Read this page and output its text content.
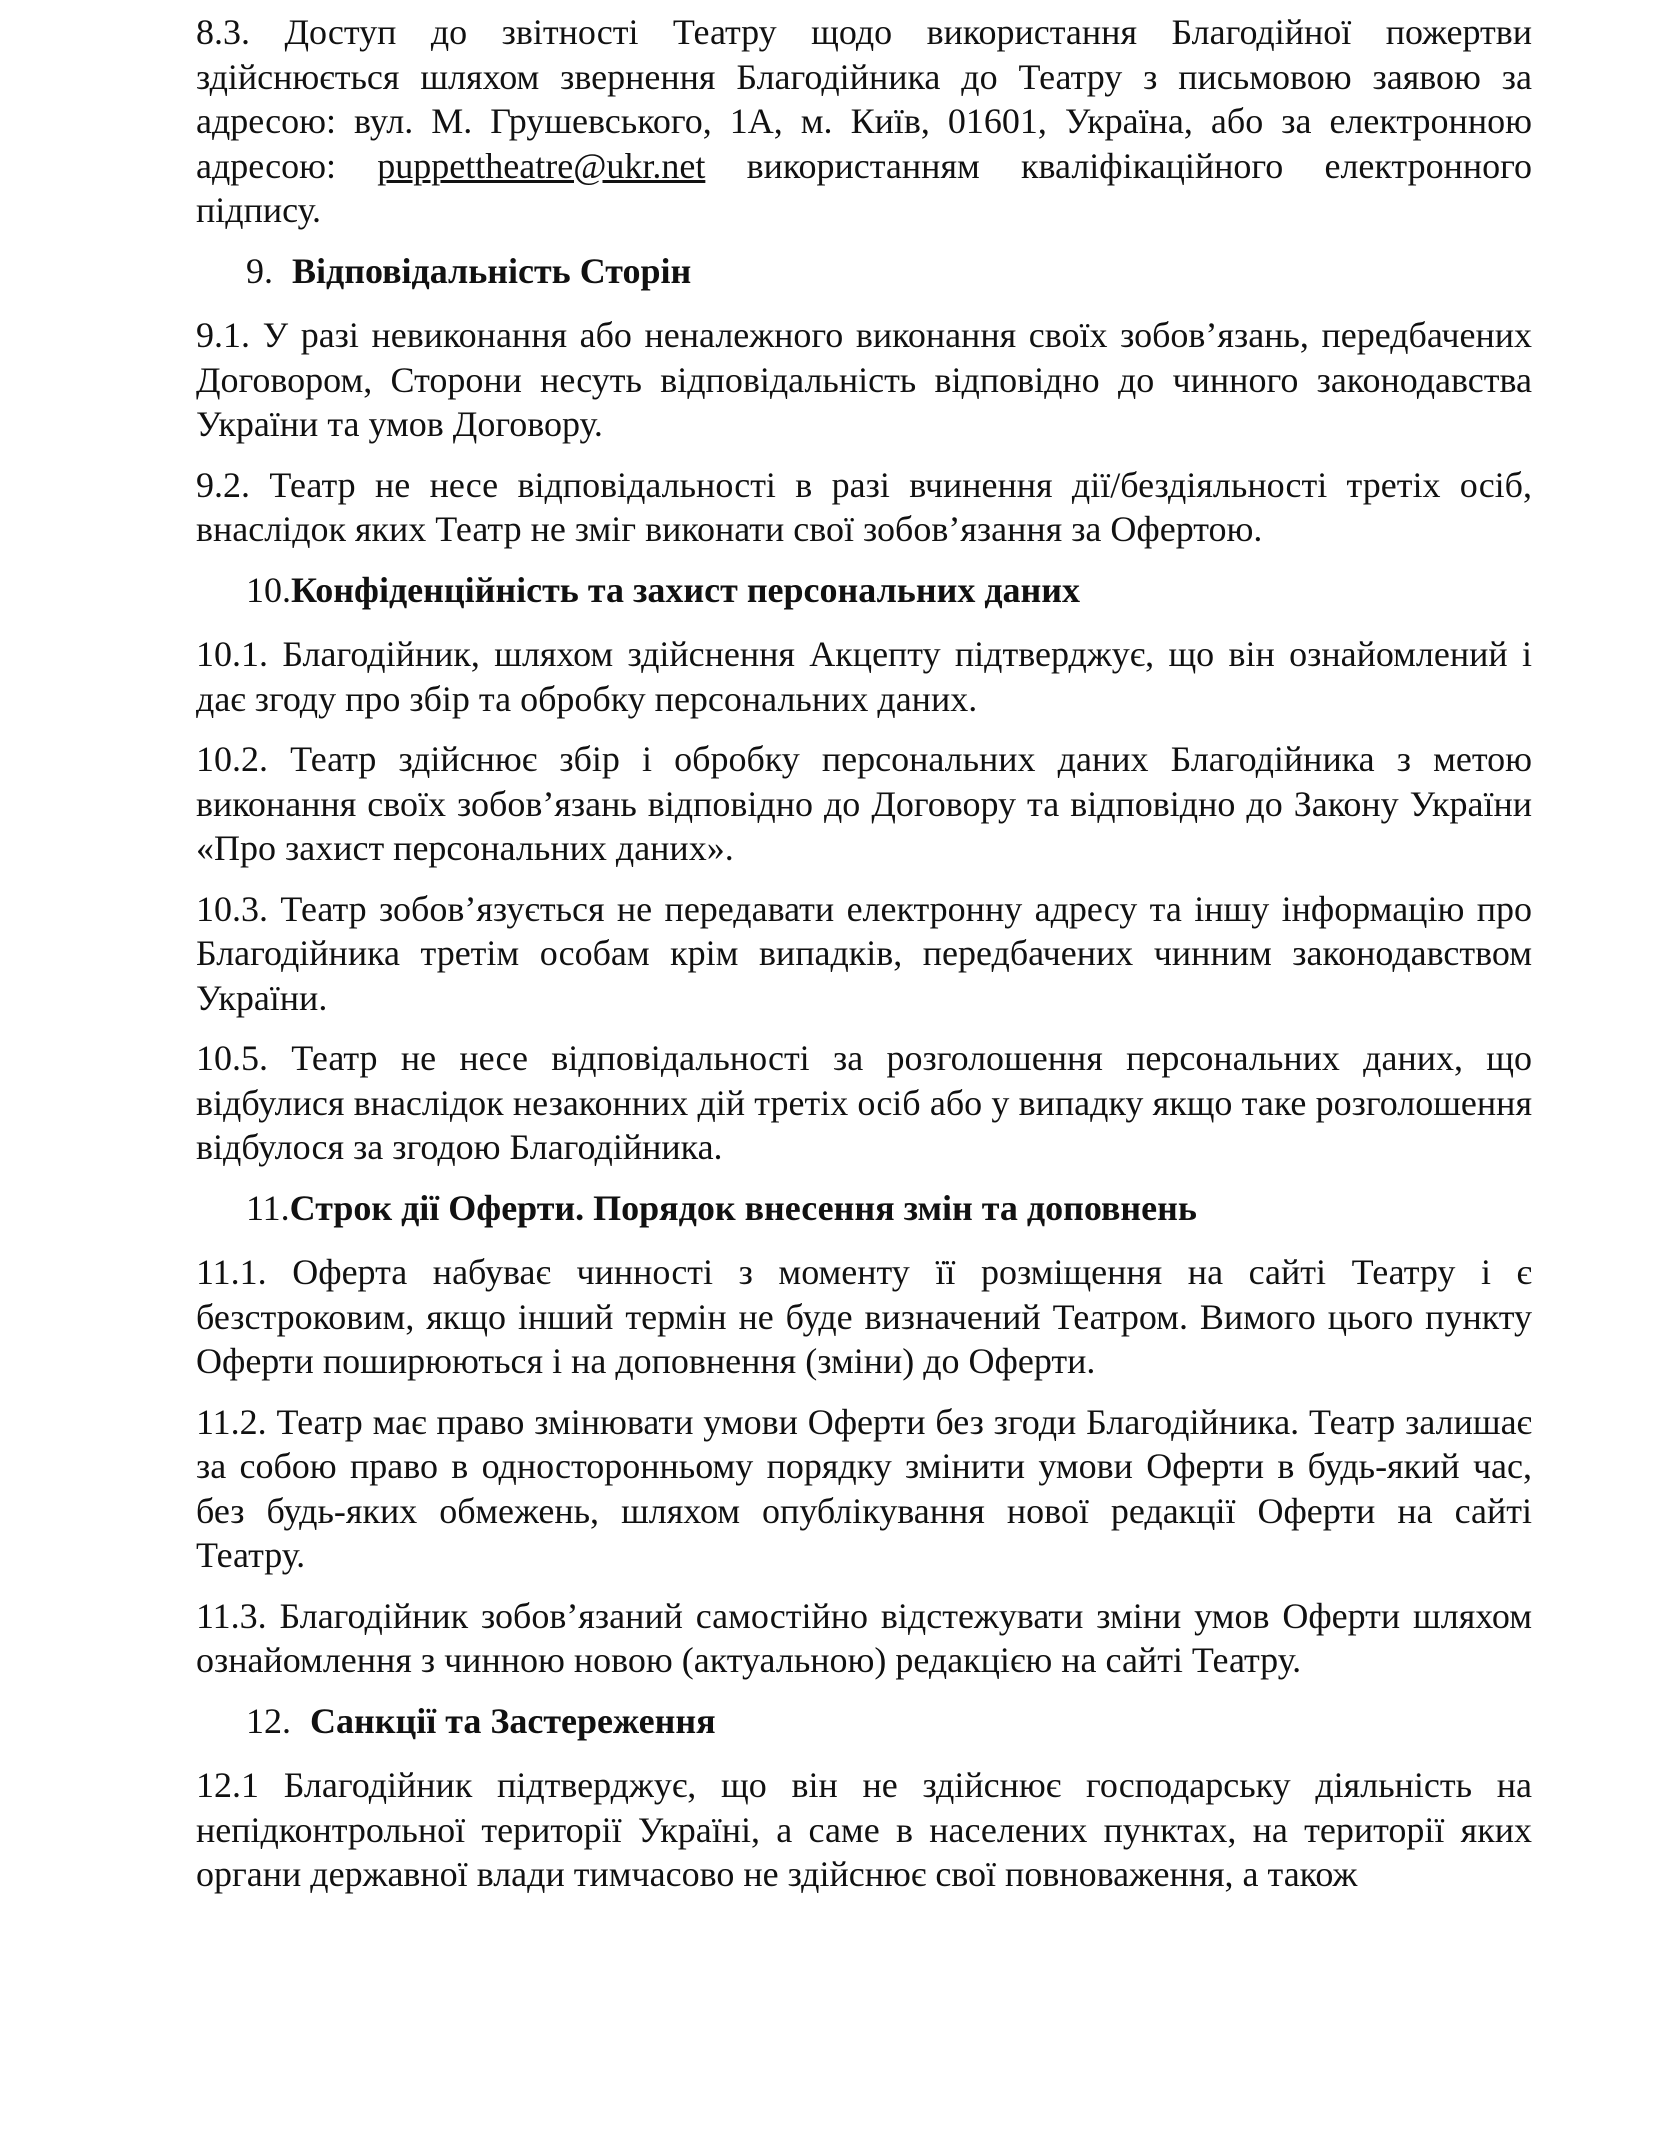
8.3. Доступ до звітності Театру щодо використання Благодійної пожертви здійснюється шляхом звернення Благодійника до Театру з письмовою заявою за адресою: вул. М. Грушевського, 1А, м. Київ, 01601, Україна, або за електронною адресою: puppettheatre@ukr.net використанням кваліфікаційного електронного підпису.

9. Відповідальність Сторін

9.1. У разі невиконання або неналежного виконання своїх зобов’язань, передбачених Договором, Сторони несуть відповідальність відповідно до чинного законодавства України та умов Договору.

9.2. Театр не несе відповідальності в разі вчинення дії/бездіяльності третіх осіб, внаслідок яких Театр не зміг виконати свої зобов’язання за Офертою.

10.Конфіденційність та захист персональних даних

10.1. Благодійник, шляхом здійснення Акцепту підтверджує, що він ознайомлений і дає згоду про збір та обробку персональних даних.

10.2. Театр здійснює збір і обробку персональних даних Благодійника з метою виконання своїх зобов’язань відповідно до Договору та відповідно до Закону України «Про захист персональних даних».

10.3. Театр зобов’язується не передавати електронну адресу та іншу інформацію про Благодійника третім особам крім випадків, передбачених чинним законодавством України.

10.5. Театр не несе відповідальності за розголошення персональних даних, що відбулися внаслідок незаконних дій третіх осіб або у випадку якщо таке розголошення відбулося за згодою Благодійника.

11.Строк дії Оферти. Порядок внесення змін та доповнень

11.1. Оферта набуває чинності з моменту її розміщення на сайті Театру і є безстроковим, якщо інший термін не буде визначений Театром. Вимого цього пункту Оферти поширюються і на доповнення (зміни) до Оферти.

11.2. Театр має право змінювати умови Оферти без згоди Благодійника. Театр залишає за собою право в односторонньому порядку змінити умови Оферти в будь-який час, без будь-яких обмежень, шляхом опублікування нової редакції Оферти на сайті Театру.

11.3. Благодійник зобов’язаний самостійно відстежувати зміни умов Оферти шляхом ознайомлення з чинною новою (актуальною) редакцією на сайті Театру.

12. Санкції та Застереження

12.1 Благодійник підтверджує, що він не здійснює господарську діяльність на непідконтрольної території Україні, а саме в населених пунктах, на території яких органи державної влади тимчасово не здійснює свої повноваження, а також
